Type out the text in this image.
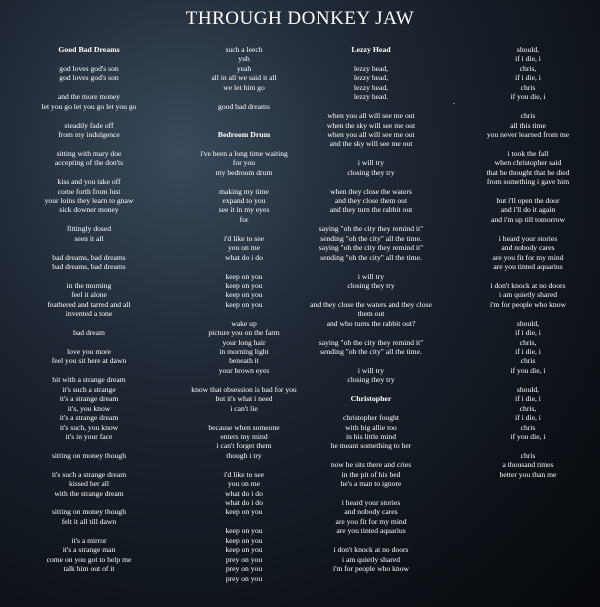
THROUGH DONKEY JAW
Good Bad Dreams
god loves god's son
god loves god's son
and the more money
let you go let you go let you go
steadily fade off
from my indulgence
sitting with mary doe
accepting of the don'ts
kiss and you take off
come forth from lust
your loins they learn to gnaw
sick downer money
fittingly dosed
seen it all
bad dreams, bad dreams
bad dreams, bad dreams
in the morning
feel it alone
feathered and tarred and all
invented a tone
bad dream
love you more
feel you sit here at dawn
hit with a strange dream
it's such a strange
it's a strange dream
it's, you know
it's a strange dream
it's such, you know
it's in your face
sitting on money though
it's such a strange dream
kissed her all
with the strange dream
sitting on money though
felt it all till dawn
it's a mirror
it's a strange man
come on you got to help me
talk him out of it
such a leech
yuh
yeah
all in all we said it all
we let him go
good bad dreams
Bedroom Drum
i've been a long time waiting
for you
my bedroom drum
making my time
expand to you
see it in my eyes
for
i'd like to see
you on me
what do i do
keep on you
keep on you
keep on you
keep on you
wake up
picture you on the farm
your long hair
in morning light
beneath it
your brown eyes
know that obsession is bad for you
but it's what i need
i can't lie
because when someone
enters my mind
i can't forget them
though i try
i'd like to see
you on me
what do i do
what do i do
keep on you
keep on you
keep on you
keep on you
prey on you
prey on you
prey on you
Lezzy Head
lezzy head,
lezzy head,
lezzy head,
lezzy head.
when you all will see me out
when the sky will see me out
when you all will see me out
and the sky will see me out
i will try
closing they try
when they close the waters
and they close them out
and they turn the rabbit out
saying "oh the city they remind it"
sending "oh the city" all the time.
saying "oh the city they remind it"
sending "oh the city" all the time.
i will try
closing they try
and they close the waters and they close
them out
and who turns the rabbit out?
saying "oh the city they remind it"
sending "oh the city" all the time.
i will try
closing they try
Christopher
christopher fought
with big allie too
in his little mind
he meant something to her
now he sits there and cries
in the pit of his bed
he's a man to ignore
i heard your stories
and nobody cares
are you fit for my mind
are you tinted aquarius
i don't knock at no doors
i am quietly shared
i'm for people who know
should,
if i die, i
chris,
if i die, i
chris
if you die, i
chris
all this time
you never learned from me
i took the fall
when christopher said
that he thought that he died
from something i gave him
but i'll open the door
and i'll do it again
and i'm up till tomorrow
i heard your stories
and nobody cares
are you fit for my mind
are you tinted aquarius
i don't knock at no doors
i am quietly shared
i'm for people who know
should,
if i die, i
chris,
if i die, i
chris
if you die, i
should,
if i die, i
chris,
if i die, i
chris
if you die, i
chris
a thousand times
better you than me
.
